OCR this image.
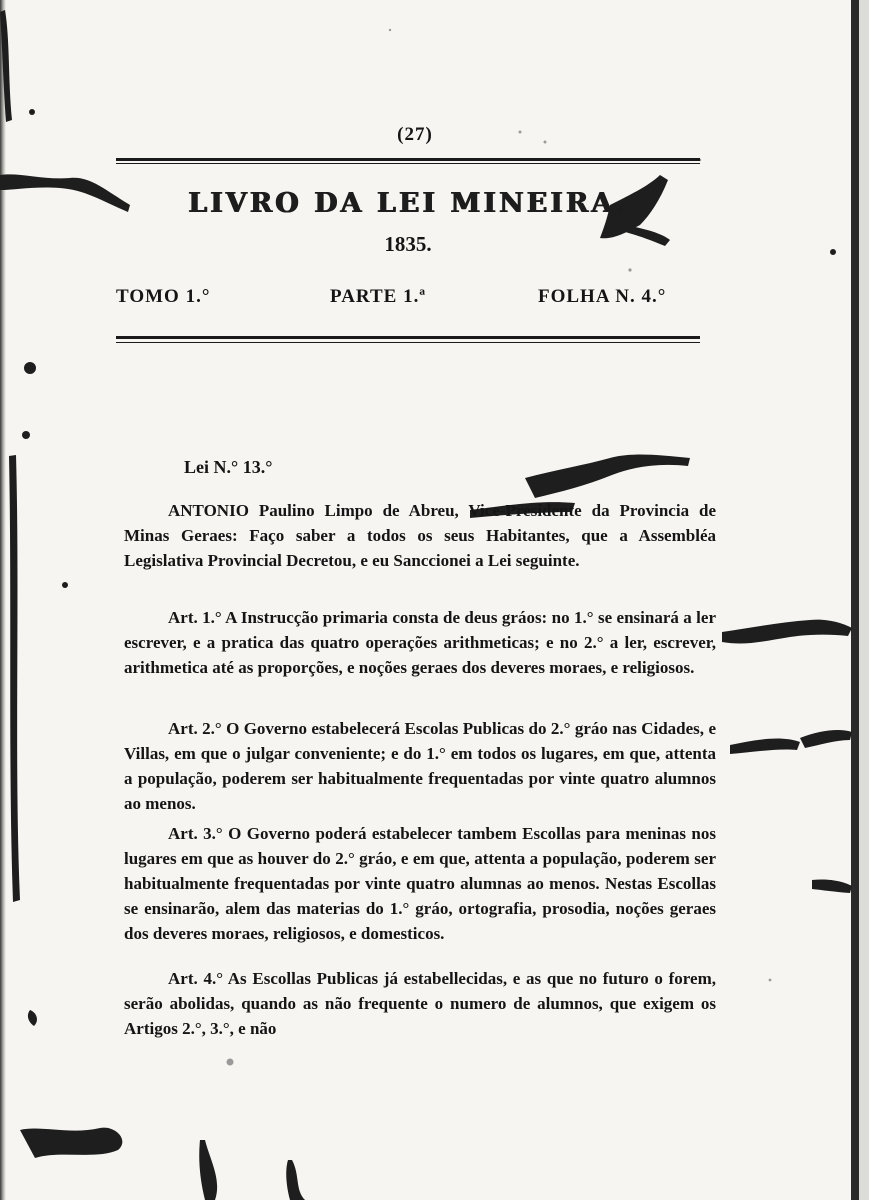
(27)
LIVRO DA LEI MINEIRA.
1835.
TOMO 1.°	PARTE 1.ª	FOLHA N. 4.°
Lei N.° 13.°
ANTONIO Paulino Limpo de Abreu, Vice-Presidente da Provincia de Minas Geraes: Faço saber a todos os seus Habitantes, que a Assembléa Legislativa Provincial Decretou, e eu Sanccionei a Lei seguinte.
Art. 1.° A Instrucção primaria consta de deus gráos: no 1.° se ensinará a ler escrever, e a pratica das quatro operações arithmeticas; e no 2.° a ler, escrever, arithmetica até as proporções, e noções geraes dos deveres moraes, e religiosos.
Art. 2.° O Governo estabelecerá Escolas Publicas do 2.° gráo nas Cidades, e Villas, em que o julgar conveniente; e do 1.° em todos os lugares, em que, attenta a população, poderem ser habitualmente frequentadas por vinte quatro alumnos ao menos.
Art. 3.° O Governo poderá estabelecer tambem Escollas para meninas nos lugares em que as houver do 2.° gráo, e em que, attenta a população, poderem ser habitualmente frequentadas por vinte quatro alumnas ao menos. Nestas Escollas se ensinarão, alem das materias do 1.° gráo, ortografia, prosodia, noções geraes dos deveres moraes, religiosos, e domesticos.
Art. 4.° As Escollas Publicas já estabellecidas, e as que no futuro o forem, serão abolidas, quando as não frequente o numero de alumnos, que exigem os Artigos 2.°, 3.°, e não
